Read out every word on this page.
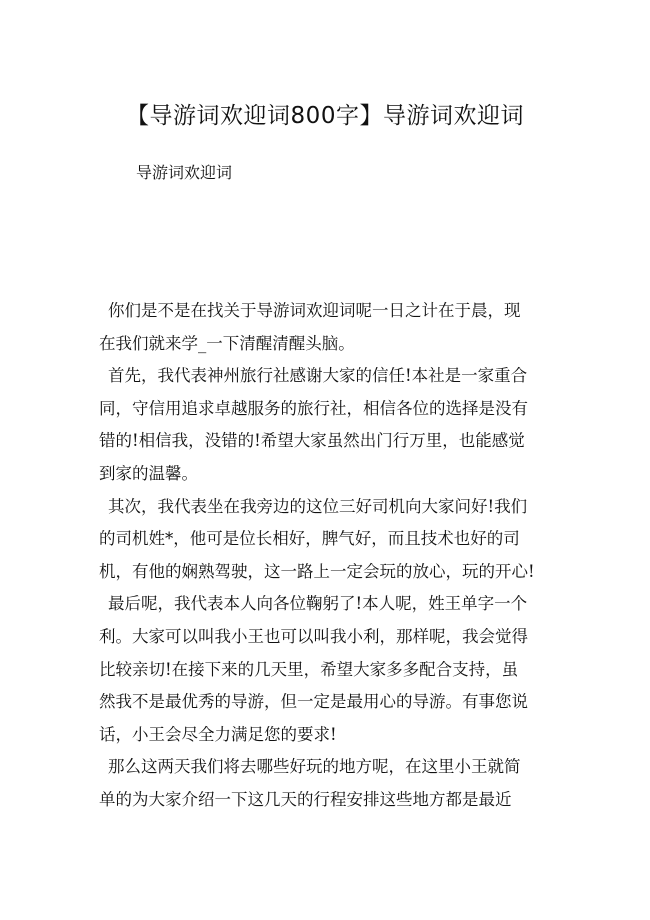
【导游词欢迎词800字】导游词欢迎词
导游词欢迎词
你们是不是在找关于导游词欢迎词呢一日之计在于晨，现
在我们就来学_一下清醒清醒头脑。
首先，我代表神州旅行社感谢大家的信任!本社是一家重合
同，守信用追求卓越服务的旅行社，相信各位的选择是没有
错的!相信我，没错的!希望大家虽然出门行万里，也能感觉
到家的温馨。
其次，我代表坐在我旁边的这位三好司机向大家问好!我们
的司机姓*，他可是位长相好，脾气好，而且技术也好的司
机，有他的娴熟驾驶，这一路上一定会玩的放心，玩的开心!
最后呢，我代表本人向各位鞠躬了!本人呢，姓王单字一个
利。大家可以叫我小王也可以叫我小利，那样呢，我会觉得
比较亲切!在接下来的几天里，希望大家多多配合支持，虽
然我不是最优秀的导游，但一定是最用心的导游。有事您说
话，小王会尽全力满足您的要求!
那么这两天我们将去哪些好玩的地方呢，在这里小王就简
单的为大家介绍一下这几天的行程安排这些地方都是最近
